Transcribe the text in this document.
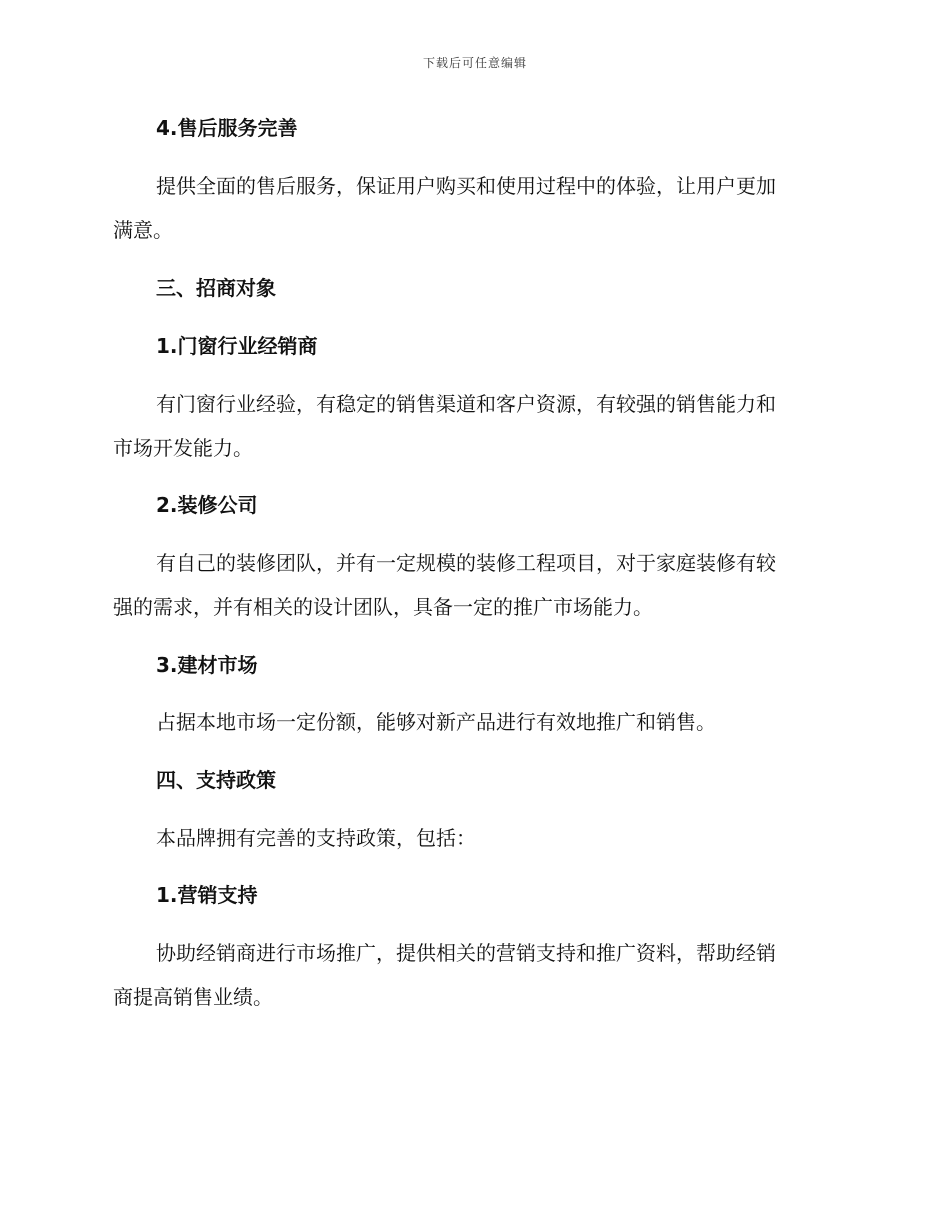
下载后可任意编辑
4.售后服务完善
提供全面的售后服务，保证用户购买和使用过程中的体验，让用户更加
满意。
三、招商对象
1.门窗行业经销商
有门窗行业经验，有稳定的销售渠道和客户资源，有较强的销售能力和
市场开发能力。
2.装修公司
有自己的装修团队，并有一定规模的装修工程项目，对于家庭装修有较
强的需求，并有相关的设计团队，具备一定的推广市场能力。
3.建材市场
占据本地市场一定份额，能够对新产品进行有效地推广和销售。
四、支持政策
本品牌拥有完善的支持政策，包括：
1.营销支持
协助经销商进行市场推广，提供相关的营销支持和推广资料，帮助经销
商提高销售业绩。
